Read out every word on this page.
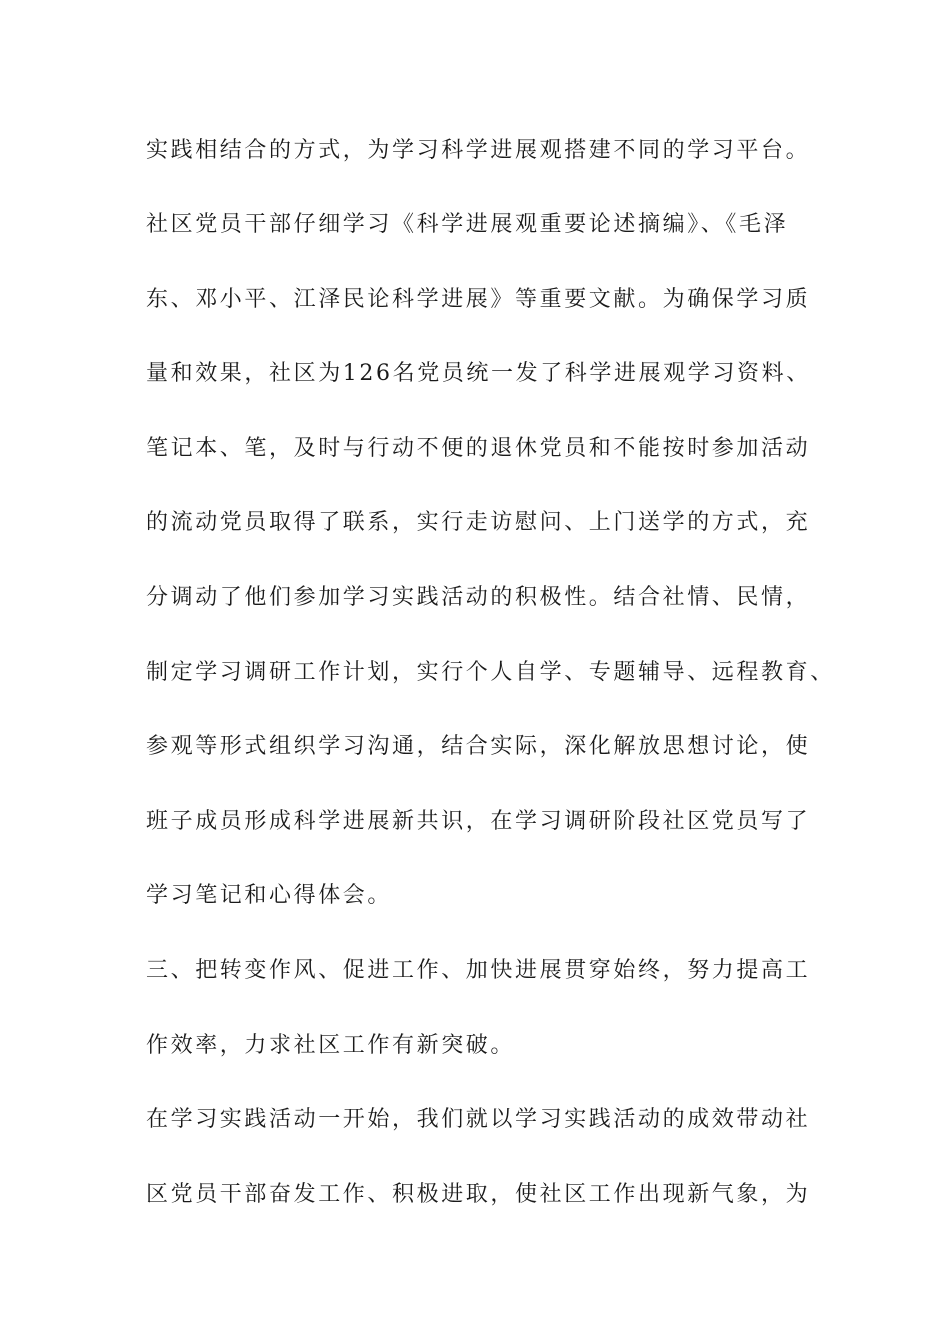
实践相结合的方式，为学习科学进展观搭建不同的学习平台。
社区党员干部仔细学习《科学进展观重要论述摘编》、《毛泽
东、邓小平、江泽民论科学进展》等重要文献。为确保学习质
量和效果，社区为126名党员统一发了科学进展观学习资料、
笔记本、笔，及时与行动不便的退休党员和不能按时参加活动
的流动党员取得了联系，实行走访慰问、上门送学的方式，充
分调动了他们参加学习实践活动的积极性。结合社情、民情，
制定学习调研工作计划，实行个人自学、专题辅导、远程教育、
参观等形式组织学习沟通，结合实际，深化解放思想讨论，使
班子成员形成科学进展新共识，在学习调研阶段社区党员写了
学习笔记和心得体会。
三、把转变作风、促进工作、加快进展贯穿始终，努力提高工
作效率，力求社区工作有新突破。
在学习实践活动一开始，我们就以学习实践活动的成效带动社
区党员干部奋发工作、积极进取，使社区工作出现新气象，为
